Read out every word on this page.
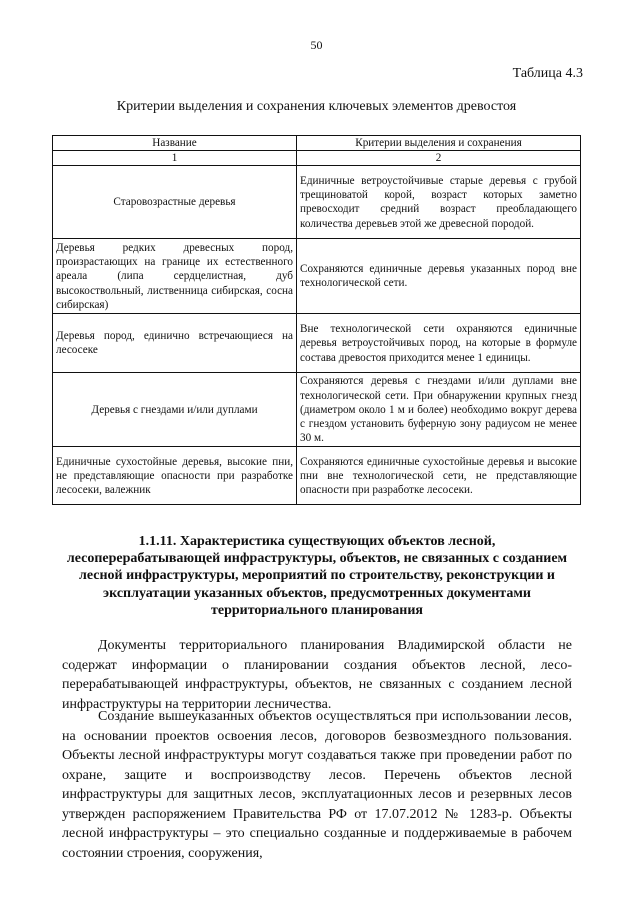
50
Таблица 4.3
Критерии выделения и сохранения ключевых элементов древостоя
Название	Критерии выделения и сохранения
1	2
Старовозрастные деревья	Единичные ветроустойчивые старые деревья с грубой трещиноватой корой, возраст которых заметно превосходит средний возраст преобладающего количества деревьев этой же древесной породой.
Деревья редких древесных пород, произрастающих на границе их естественного ареала (липа сердцелистная, дуб высокоствольный, лиственница сибирская, сосна сибирская)	Сохраняются единичные деревья указанных пород вне технологической сети.
Деревья пород, единично встречающиеся на лесосеке	Вне технологической сети охраняются единичные деревья ветроустойчивых пород, на которые в формуле состава древостоя приходится менее 1 единицы.
Деревья с гнездами и/или дуплами	Сохраняются деревья с гнездами и/или дуплами вне технологической сети. При обнаружении крупных гнезд (диаметром около 1 м и более) необходимо вокруг дерева с гнездом установить буферную зону радиусом не менее 30 м.
Единичные сухостойные деревья, высокие пни, не представляющие опасности при разработке лесосеки, валежник	Сохраняются единичные сухостойные деревья и высокие пни вне технологической сети, не представляющие опасности при разработке лесосеки.
1.1.11. Характеристика существующих объектов лесной, лесоперерабатывающей инфраструктуры, объектов, не связанных с созданием лесной инфраструктуры, мероприятий по строительству, реконструкции и эксплуатации указанных объектов, предусмотренных документами территориального планирования

Документы территориального планирования Владимирской области не содержат информации о планировании создания объектов лесной, лесо-перерабатывающей инфраструктуры, объектов, не связанных с созданием лесной инфраструктуры на территории лесничества.

Создание вышеуказанных объектов осуществляться при использовании лесов, на основании проектов освоения лесов, договоров безвозмездного пользования. Объекты лесной инфраструктуры могут создаваться также при проведении работ по охране, защите и воспроизводству лесов. Перечень объектов лесной инфраструктуры для защитных лесов, эксплуатационных лесов и резервных лесов утвержден распоряжением Правительства РФ от 17.07.2012 № 1283-р. Объекты лесной инфраструктуры – это специально созданные и поддерживаемые в рабочем состоянии строения, сооружения,
